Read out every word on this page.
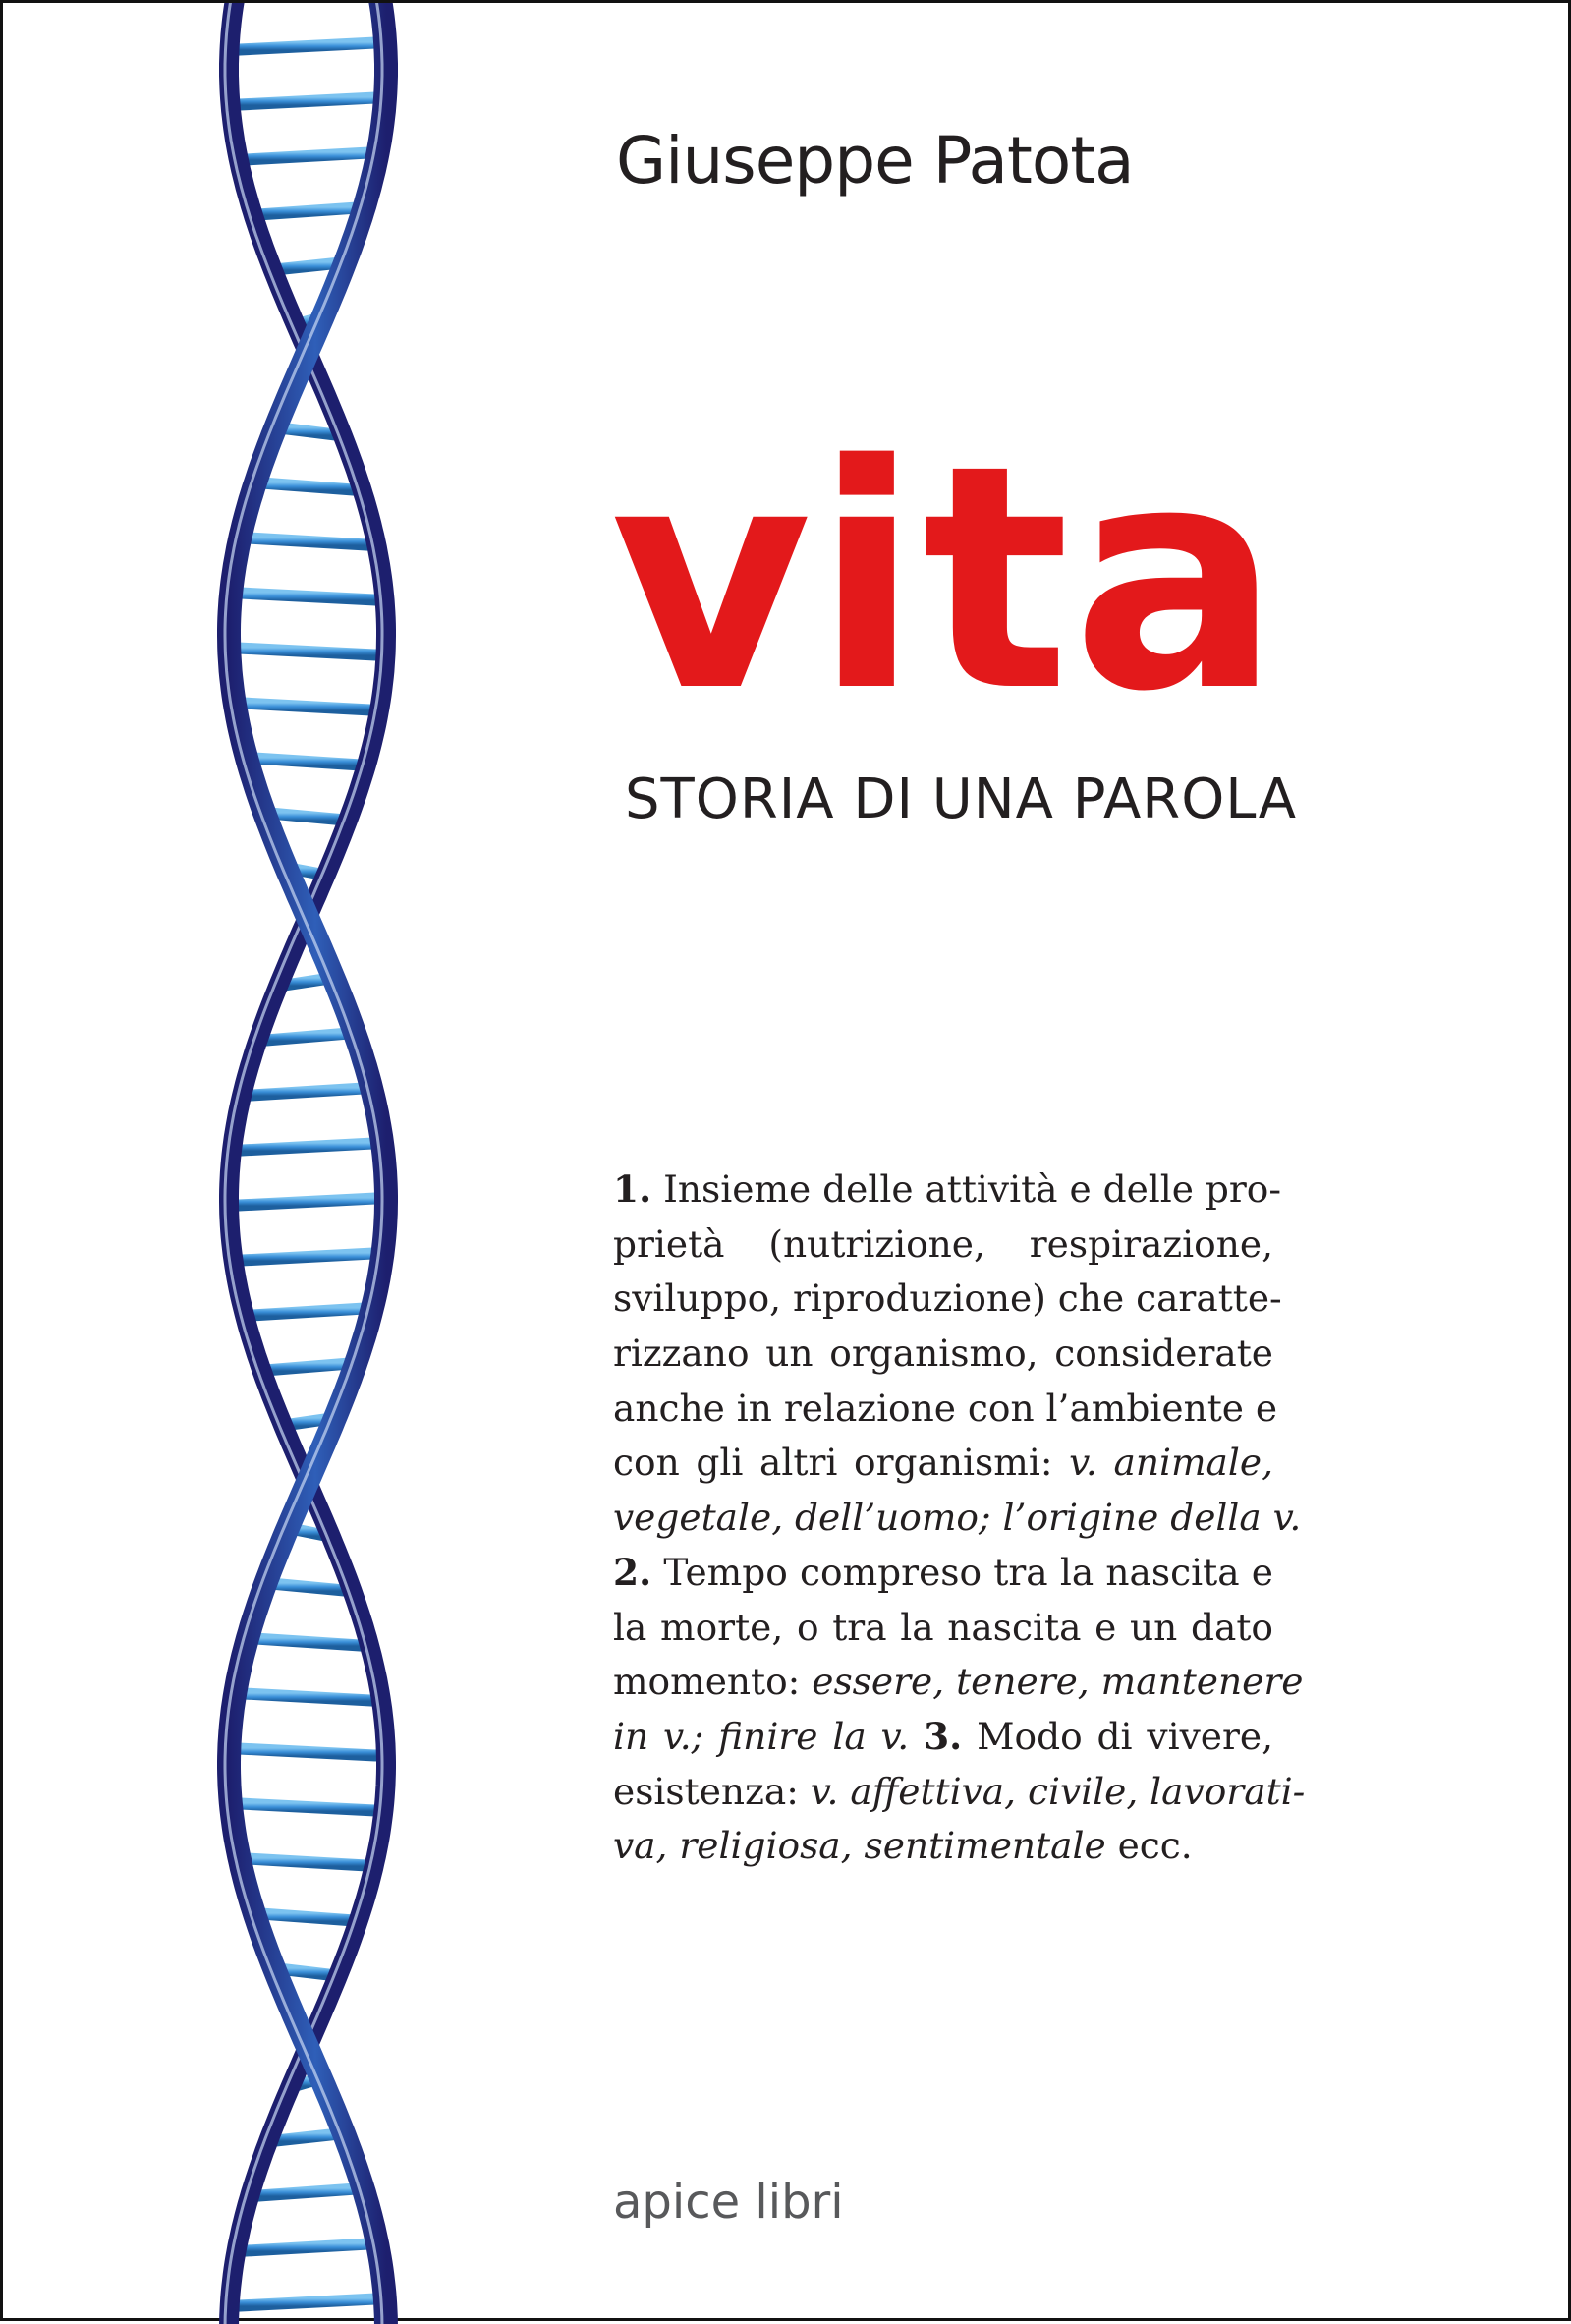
Giuseppe Patota
vita
STORIA DI UNA PAROLA
1. Insieme delle attività e delle pro-
prietà (nutrizione, respirazione,
sviluppo, riproduzione) che caratte-
rizzano un organismo, considerate
anche in relazione con l’ambiente e
con gli altri organismi: v. animale,
vegetale, dell’uomo; l’origine della v.
2. Tempo compreso tra la nascita e
la morte, o tra la nascita e un dato
momento: essere, tenere, mantenere
in v.; finire la v. 3. Modo di vivere,
esistenza: v. affettiva, civile, lavorati-
va, religiosa, sentimentale ecc.
apice libri
